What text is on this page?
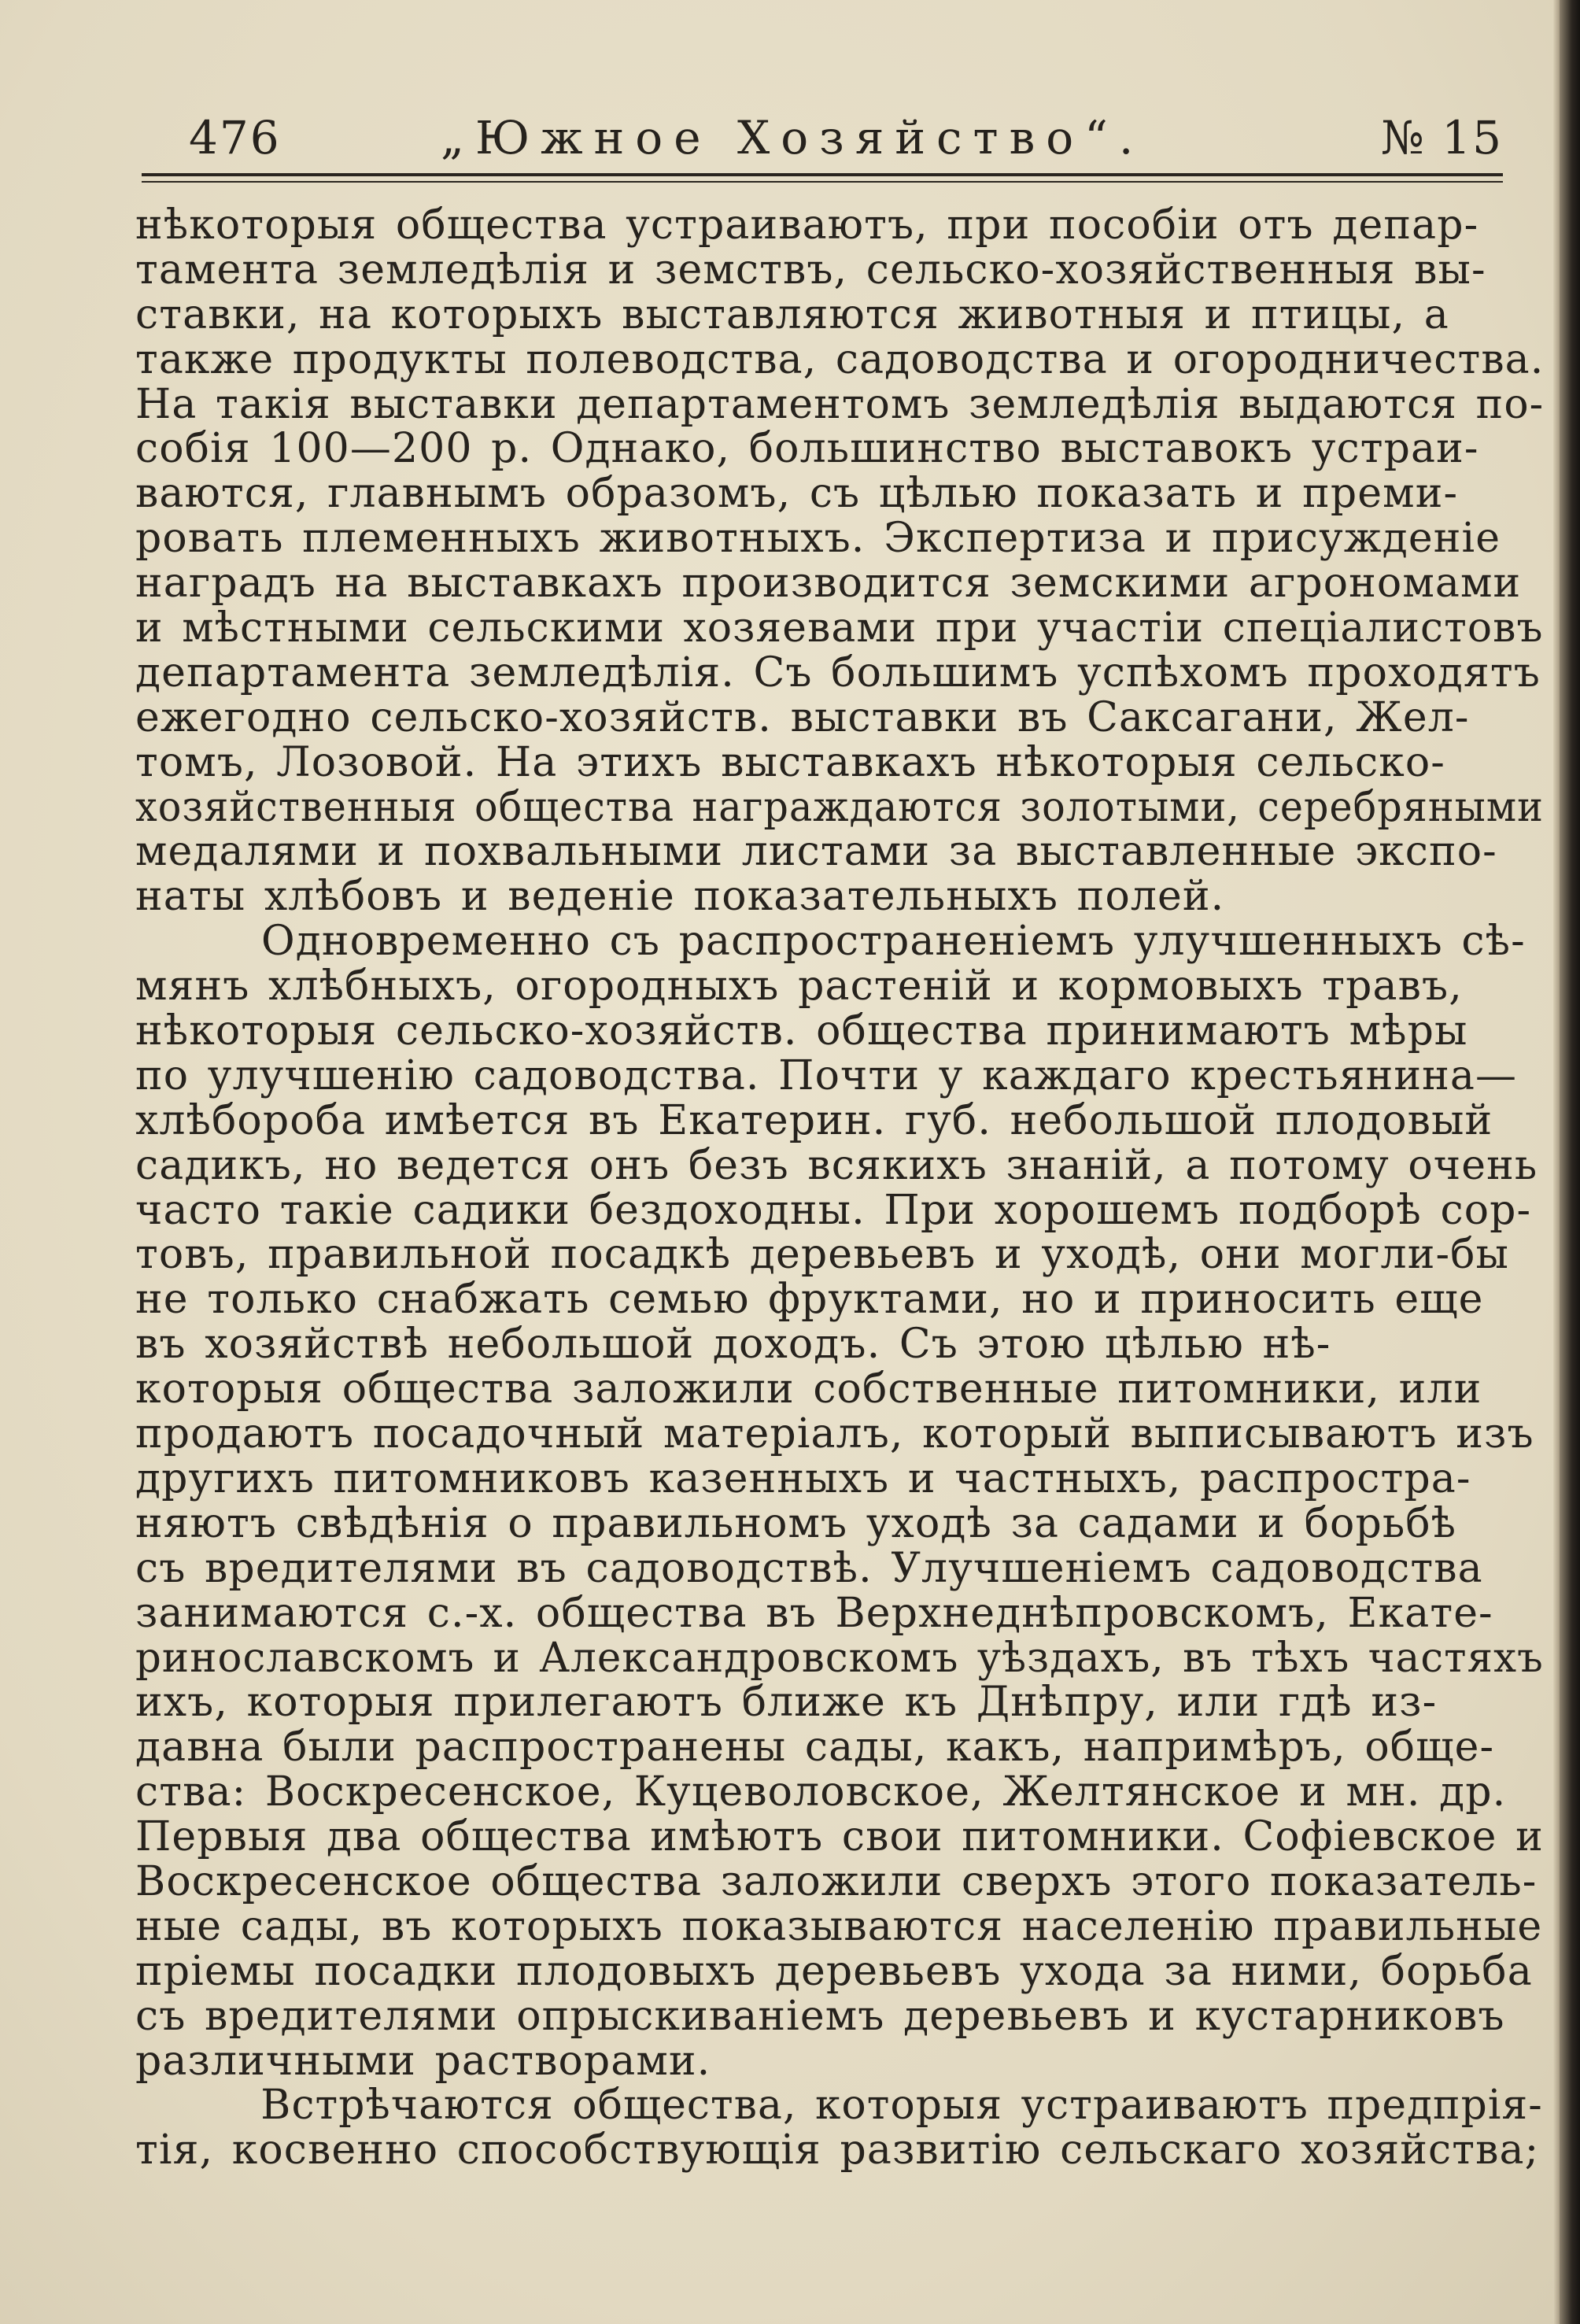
476	„Южное Хозяйство“.	№ 15
нѣкоторыя общества устраиваютъ, при пособіи отъ депар-
тамента земледѣлія и земствъ, сельско-хозяйственныя вы-
ставки, на которыхъ выставляются животныя и птицы, а
также продукты полеводства, садоводства и огородничества.
На такія выставки департаментомъ земледѣлія выдаются по-
собія 100—200 р. Однако, большинство выставокъ устраи-
ваются, главнымъ образомъ, съ цѣлью показать и преми-
ровать племенныхъ животныхъ. Экспертиза и присужденіе
наградъ на выставкахъ производится земскими агрономами
и мѣстными сельскими хозяевами при участіи спеціалистовъ
департамента земледѣлія. Съ большимъ успѣхомъ проходятъ
ежегодно сельско-хозяйств. выставки въ Саксагани, Жел-
томъ, Лозовой. На этихъ выставкахъ нѣкоторыя сельско-
хозяйственныя общества награждаются золотыми, серебряными
медалями и похвальными листами за выставленные экспо-
наты хлѣбовъ и веденіе показательныхъ полей.
Одновременно съ распространеніемъ улучшенныхъ сѣ-
мянъ хлѣбныхъ, огородныхъ растеній и кормовыхъ травъ,
нѣкоторыя сельско-хозяйств. общества принимаютъ мѣры
по улучшенію садоводства. Почти у каждаго крестьянина—
хлѣбороба имѣется въ Екатерин. губ. небольшой плодовый
садикъ, но ведется онъ безъ всякихъ знаній, а потому очень
часто такіе садики бездоходны. При хорошемъ подборѣ сор-
товъ, правильной посадкѣ деревьевъ и уходѣ, они могли-бы
не только снабжать семью фруктами, но и приносить еще
въ хозяйствѣ небольшой доходъ. Съ этою цѣлью нѣ-
которыя общества заложили собственные питомники, или
продаютъ посадочный матеріалъ, который выписываютъ изъ
другихъ питомниковъ казенныхъ и частныхъ, распростра-
няютъ свѣдѣнія о правильномъ уходѣ за садами и борьбѣ
съ вредителями въ садоводствѣ. Улучшеніемъ садоводства
занимаются с.-х. общества въ Верхнеднѣпровскомъ, Екате-
ринославскомъ и Александровскомъ уѣздахъ, въ тѣхъ частяхъ
ихъ, которыя прилегаютъ ближе къ Днѣпру, или гдѣ из-
давна были распространены сады, какъ, напримѣръ, обще-
ства: Воскресенское, Куцеволовское, Желтянское и мн. др.
Первыя два общества имѣютъ свои питомники. Софіевское и
Воскресенское общества заложили сверхъ этого показатель-
ные сады, въ которыхъ показываются населенію правильные
пріемы посадки плодовыхъ деревьевъ ухода за ними, борьба
съ вредителями опрыскиваніемъ деревьевъ и кустарниковъ
различными растворами.
Встрѣчаются общества, которыя устраиваютъ предпрія-
тія, косвенно способствующія развитію сельскаго хозяйства;
